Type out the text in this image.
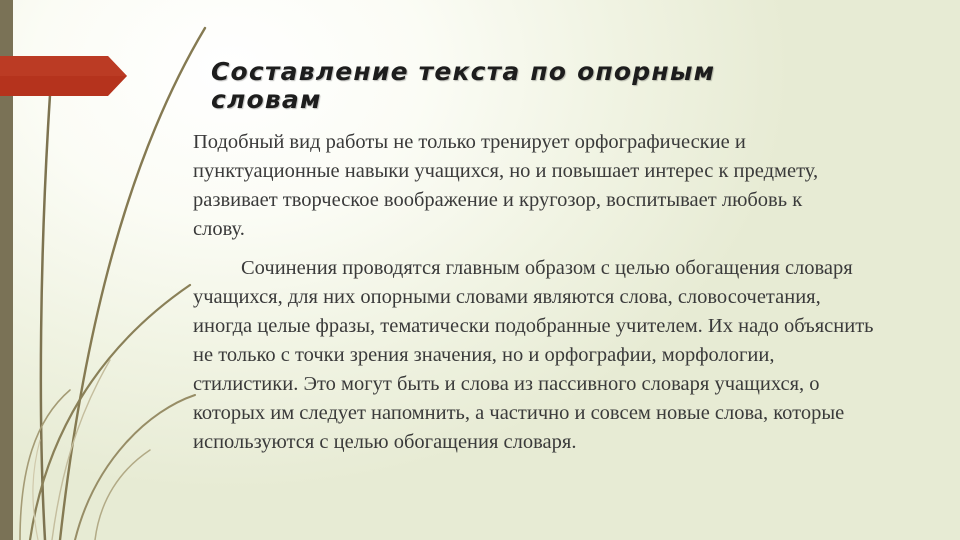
Составление текста по опорным словам

Подобный вид работы не только тренирует орфографические и пунктуационные навыки учащихся, но и повышает интерес к предмету, развивает творческое воображение и кругозор, воспитывает любовь к слову.

Сочинения проводятся главным образом с целью обогащения словаря учащихся, для них опорными словами являются слова, словосочетания, иногда целые фразы, тематически подобранные учителем. Их надо объяснить не только с точки зрения значения, но и орфографии, морфологии, стилистики. Это могут быть и слова из пассивного словаря учащихся, о которых им следует напомнить, а частично и совсем новые слова, которые используются с целью обогащения словаря.
